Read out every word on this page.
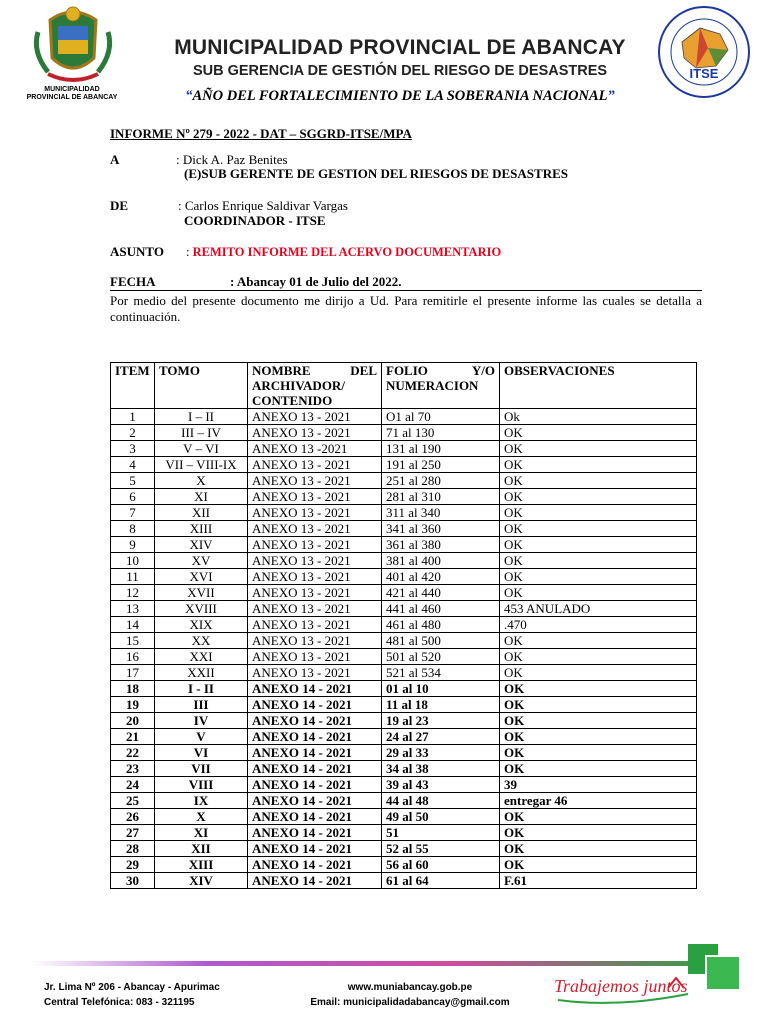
MUNICIPALIDAD PROVINCIAL DE ABANCAY
MUNICIPALIDAD PROVINCIAL DE ABANCAY
SUB GERENCIA DE GESTIÓN DEL RIESGO DE DESASTRES
“AÑO DEL FORTALECIMIENTO DE LA SOBERANIA NACIONAL”
ITSE
INFORME Nº 279 - 2022 - DAT – SGGRD-ITSE/MPA
A	: Dick A. Paz Benites
(E)SUB GERENTE DE GESTION DEL RIESGOS DE DESASTRES
DE	: Carlos Enrique Saldivar Vargas
COORDINADOR - ITSE
ASUNTO : REMITO INFORME DEL ACERVO DOCUMENTARIO
FECHA	: Abancay 01 de Julio del 2022.
Por medio del presente documento me dirijo a Ud. Para remitirle el presente informe las cuales se detalla a continuación.
ITEM	TOMO	NOMBRE DEL ARCHIVADOR/ CONTENIDO	FOLIO Y/O NUMERACION	OBSERVACIONES
1	I – II	ANEXO 13 - 2021	O1 al 70	Ok
2	III – IV	ANEXO 13 - 2021	71 al 130	OK
3	V – VI	ANEXO 13 -2021	131 al 190	OK
4	VII – VIII-IX	ANEXO 13 - 2021	191 al 250	OK
5	X	ANEXO 13 - 2021	251 al 280	OK
6	XI	ANEXO 13 - 2021	281 al 310	OK
7	XII	ANEXO 13 - 2021	311 al 340	OK
8	XIII	ANEXO 13 - 2021	341 al 360	OK
9	XIV	ANEXO 13 - 2021	361 al 380	OK
10	XV	ANEXO 13 - 2021	381 al 400	OK
11	XVI	ANEXO 13 - 2021	401 al 420	OK
12	XVII	ANEXO 13 - 2021	421 al 440	OK
13	XVIII	ANEXO 13 - 2021	441 al 460	453 ANULADO
14	XIX	ANEXO 13 - 2021	461 al 480	.470
15	XX	ANEXO 13 - 2021	481 al 500	OK
16	XXI	ANEXO 13 - 2021	501 al 520	OK
17	XXII	ANEXO 13 - 2021	521 al 534	OK
18	I - II	ANEXO 14 - 2021	01 al 10	OK
19	III	ANEXO 14 - 2021	11 al 18	OK
20	IV	ANEXO 14 - 2021	19 al 23	OK
21	V	ANEXO 14 - 2021	24 al 27	OK
22	VI	ANEXO 14 - 2021	29 al 33	OK
23	VII	ANEXO 14 - 2021	34 al 38	OK
24	VIII	ANEXO 14 - 2021	39 al 43	39
25	IX	ANEXO 14 - 2021	44 al 48	entregar 46
26	X	ANEXO 14 - 2021	49 al 50	OK
27	XI	ANEXO 14 - 2021	51	OK
28	XII	ANEXO 14 - 2021	52 al 55	OK
29	XIII	ANEXO 14 - 2021	56 al 60	OK
30	XIV	ANEXO 14 - 2021	61 al 64	F.61
Jr. Lima Nº 206 - Abancay - Apurimac
Central Telefónica: 083 - 321195
www.muniabancay.gob.pe
Email: municipalidadabancay@gmail.com
Trabajemos juntos
